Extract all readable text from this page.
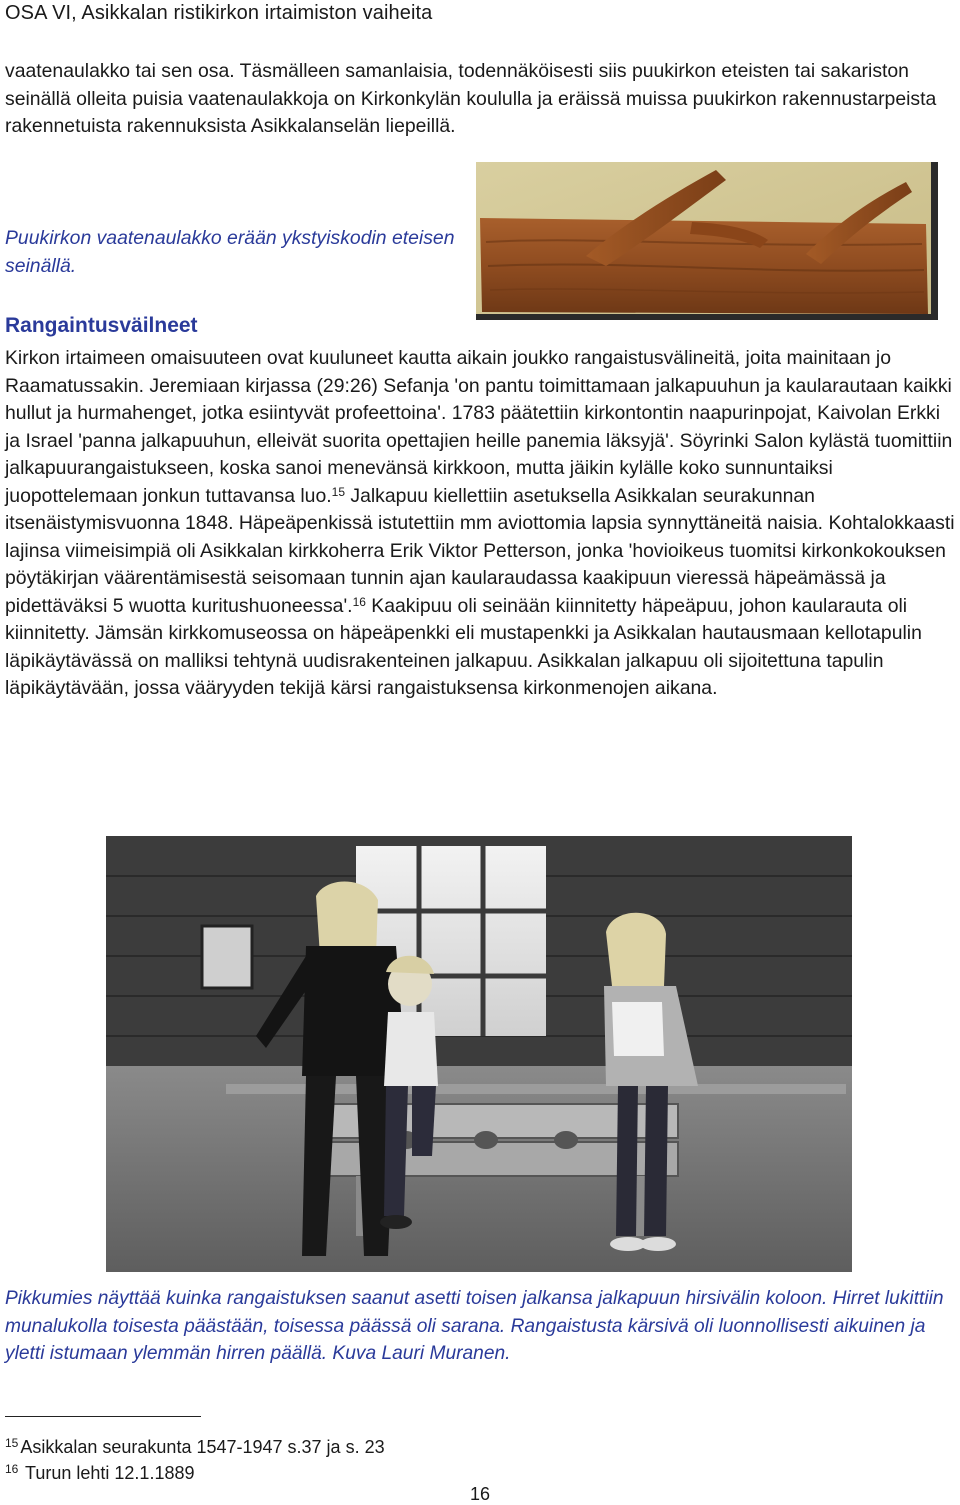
OSA VI, Asikkalan ristikirkon irtaimiston vaiheita

vaatenaulakko tai sen osa. Täsmälleen samanlaisia, todennäköisesti siis puukirkon eteisten tai sakariston seinällä olleita puisia vaatenaulakkoja on Kirkonkylän koululla ja eräissä muissa puukirkon rakennustarpeista rakennetuista rakennuksista Asikkalanselän liepeillä.

Puukirkon vaatenaulakko erään ykstyiskodin eteisen seinällä.

Rangaintusväilneet

Kirkon irtaimeen omaisuuteen ovat kuuluneet kautta aikain joukko rangaistusvälineitä, joita mainitaan jo Raamatussakin. Jeremiaan kirjassa (29:26) Sefanja 'on pantu toimittamaan jalkapuuhun ja kaularautaan kaikki hullut ja hurmahenget, jotka esiintyvät profeettoina'. 1783 päätettiin kirkontontin naapurinpojat, Kaivolan Erkki ja Israel 'panna jalkapuuhun, elleivät suorita opettajien heille panemia läksyjä'. Söyrinki Salon kylästä tuomittiin jalkapuurangaistukseen, koska sanoi menevänsä kirkkoon, mutta jäikin kylälle koko sunnuntaiksi juopottelemaan jonkun tuttavansa luo.$^{15}$ Jalkapuu kiellettiin asetuksella Asikkalan seurakunnan itsenäistymisvuonna 1848. Häpeäpenkissä istutettiin mm aviottomia lapsia synnyttäneitä naisia. Kohtalokkaasti lajinsa viimeisimpiä oli Asikkalan kirkkoherra Erik Viktor Petterson, jonka 'hovioikeus tuomitsi kirkonkokouksen pöytäkirjan väärentämisestä seisomaan tunnin ajan kaularaudassa kaakipuun vieressä häpeämässä ja pidettäväksi 5 wuotta kuritushuoneessa'.$^{16}$ Kaakipuu oli seinään kiinnitetty häpeäpuu, johon kaularauta oli kiinnitetty. Jämsän kirkkomuseossa on häpeäpenkki eli mustapenkki ja Asikkalan hautausmaan kellotapulin läpikäytävässä on malliksi tehtynä uudisrakenteinen jalkapuu. Asikkalan jalkapuu oli sijoitettuna tapulin läpikäytävään, jossa vääryyden tekijä kärsi rangaistuksensa kirkonmenojen aikana.

Pikkumies näyttää kuinka rangaistuksen saanut asetti toisen jalkansa jalkapuun hirsivälin koloon. Hirret lukittiin munalukolla toisesta päästään, toisessa päässä oli sarana. Rangaistusta kärsivä oli luonnollisesti aikuinen ja yletti istumaan ylemmän hirren päällä. Kuva Lauri Muranen.

$^{15}$ Asikkalan seurakunta 1547-1947 s.37 ja s. 23
$^{16}$ Turun lehti 12.1.1889
16
